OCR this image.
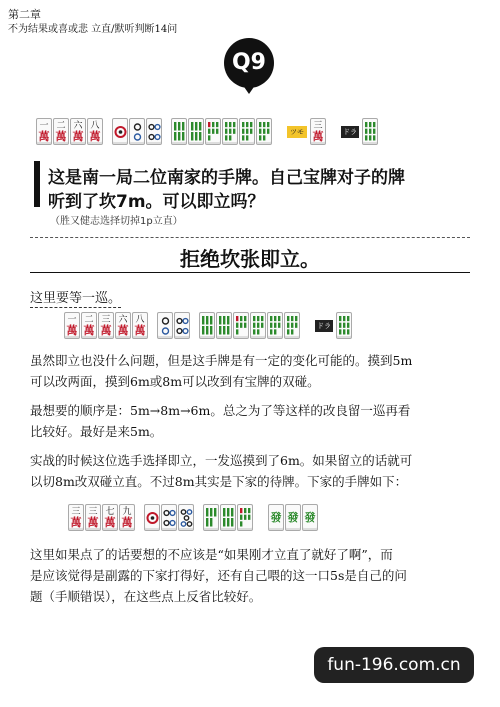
第二章
不为结果或喜或悲 立直/默听判断14问
Q9
一
萬
二
萬
六
萬
八
萬	ツモ
三
萬	ドラ
这是南一局二位南家的手牌。自己宝牌对子的牌
听到了坎7m。可以即立吗？
（胜又健志选择切掉1p立直）
拒绝坎张即立。
这里要等一巡。
一
萬
二
萬
三
萬
六
萬
八
萬	ドラ
虽然即立也没什么问题，但是这手牌是有一定的变化可能的。摸到5m
可以改两面，摸到6m或8m可以改到有宝牌的双碰。
最想要的顺序是：5m→8m→6m。总之为了等这样的改良留一巡再看
比较好。最好是来5m。
实战的时候这位选手选择即立，一发巡摸到了6m。如果留立的话就可
以切8m改双碰立直。不过8m其实是下家的待牌。下家的手牌如下：
三
萬
三
萬
七
萬
九
萬	發 發 發
这里如果点了的话要想的不应该是“如果刚才立直了就好了啊”，而
是应该觉得是副露的下家打得好，还有自己喂的这一口5s是自己的问
题（手顺错误），在这些点上反省比较好。
fun-196.com.cn
